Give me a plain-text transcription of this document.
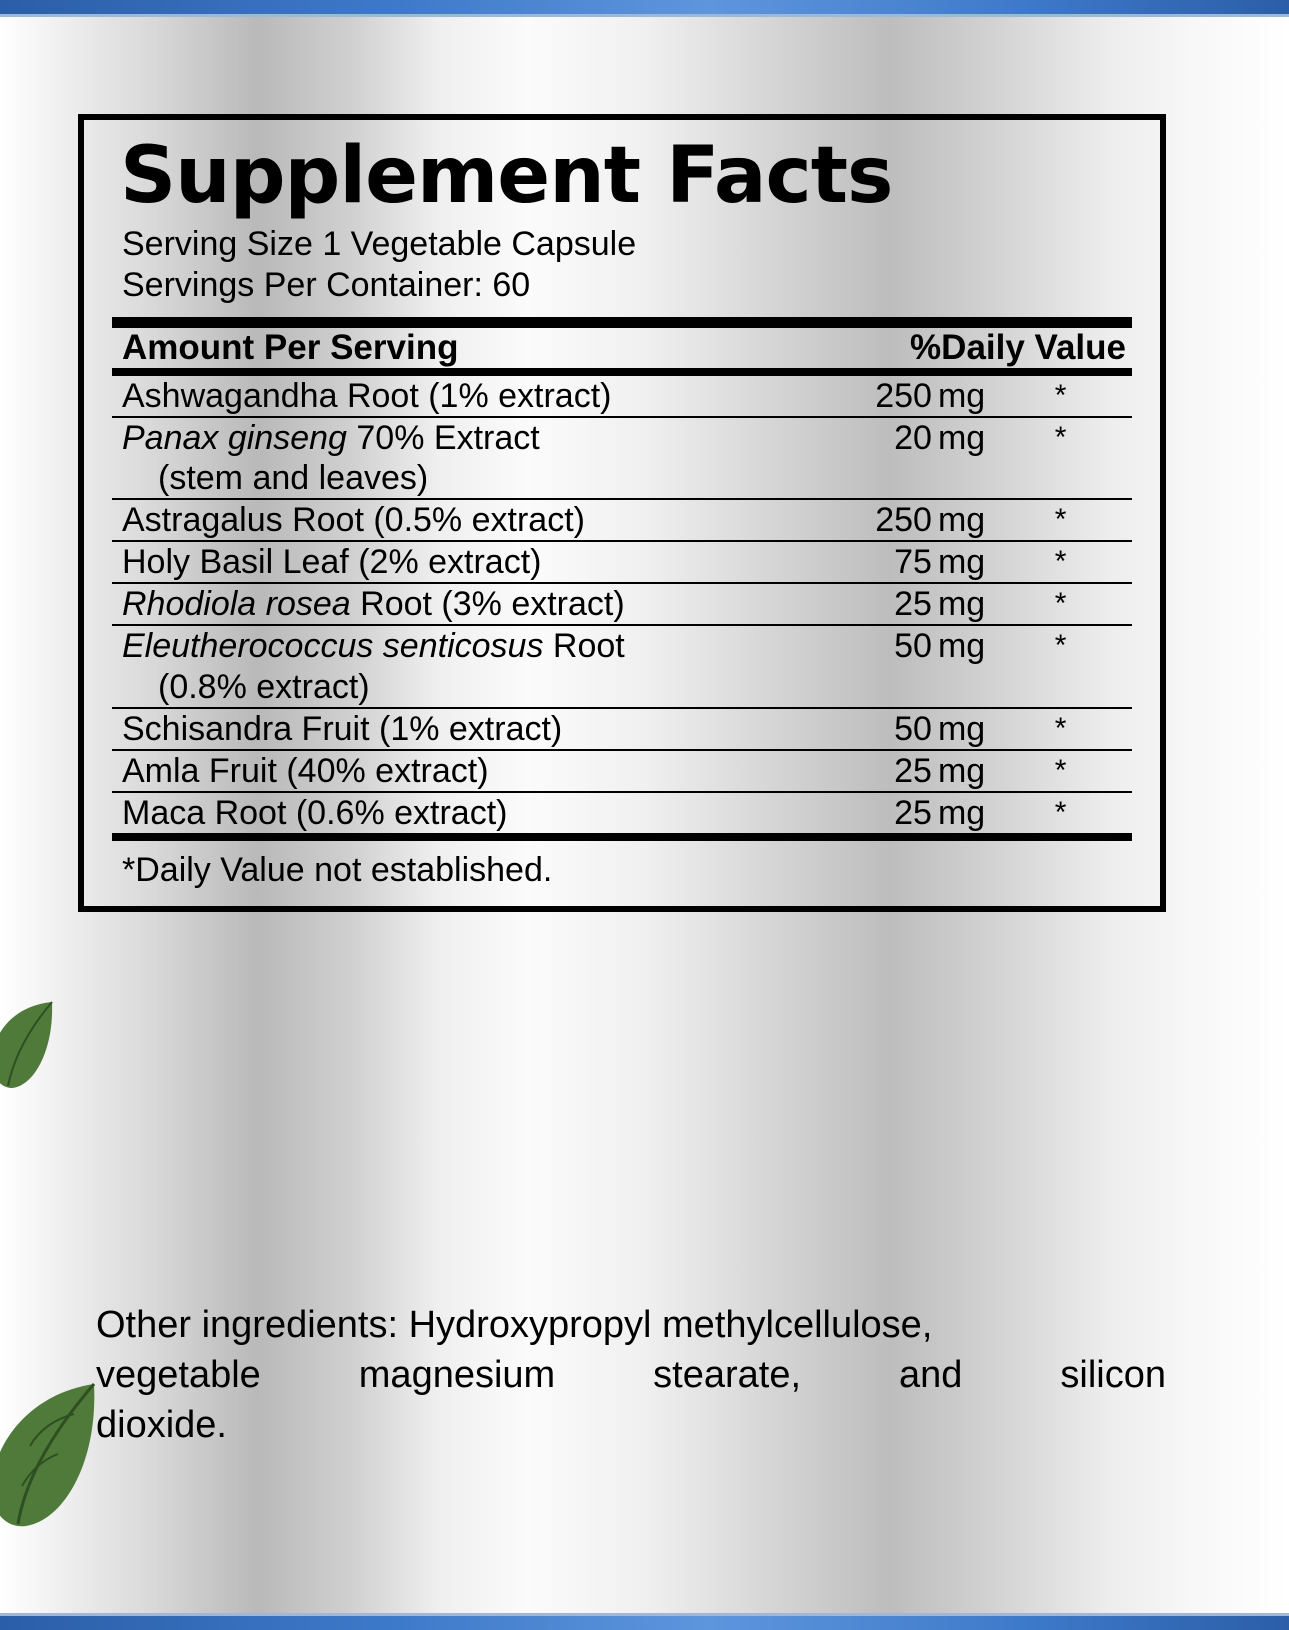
Supplement Facts
Serving Size 1 Vegetable Capsule
Servings Per Container: 60
Amount Per Serving	%Daily Value
Ashwagandha Root (1% extract)	250 mg	*

Panax ginseng 70% Extract
(stem and leaves)	20 mg	*

Astragalus Root (0.5% extract)	250 mg	*

Holy Basil Leaf (2% extract)	75 mg	*

Rhodiola rosea Root (3% extract)	25 mg	*

Eleutherococcus senticosus Root
(0.8% extract)	50 mg	*

Schisandra Fruit (1% extract)	50 mg	*

Amla Fruit (40% extract)	25 mg	*

Maca Root (0.6% extract)	25 mg	*
*Daily Value not established.
Other ingredients: Hydroxypropyl methylcellulose,
vegetable	magnesium	stearate,	and	silicon
dioxide.
